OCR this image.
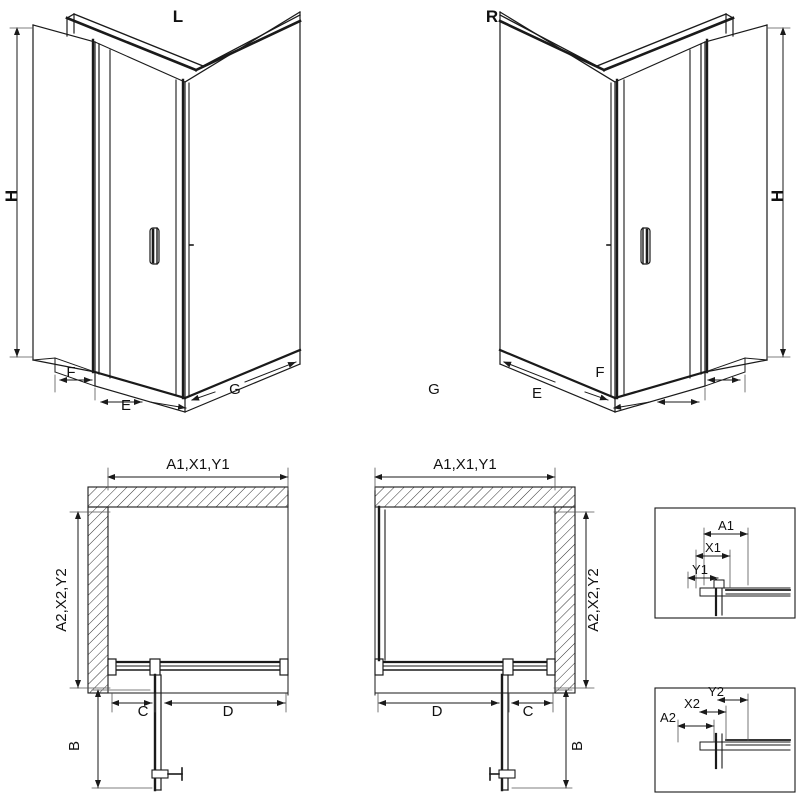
L	R
H	H
F
E
G	G	E
F
A1,X1,Y1
A2,X2,Y2
C	D
B
A1,X1,Y1
A2,X2,Y2
D	C
B
A1
X1
Y1
A2
X2
Y2
